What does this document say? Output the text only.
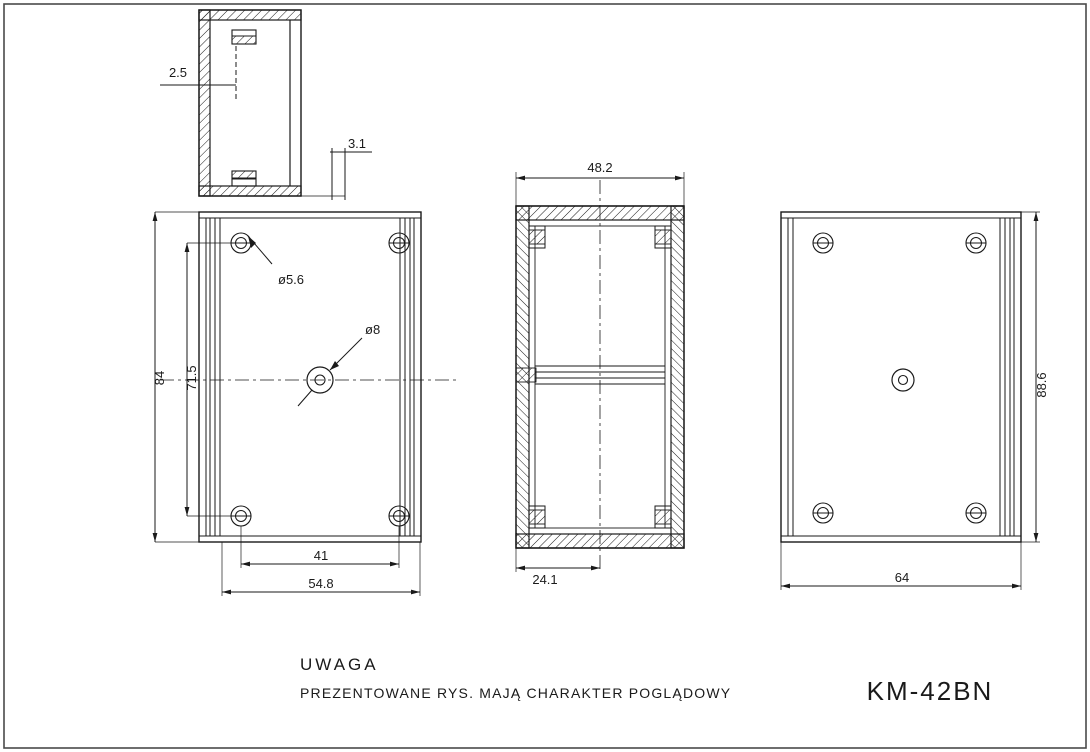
2.5
3.1
ø5.6
ø8
84 71.5
41
54.8
48.2
24.1
88.6
64
UWAGA
PREZENTOWANE RYS. MAJĄ CHARAKTER POGLĄDOWY	KM-42BN
